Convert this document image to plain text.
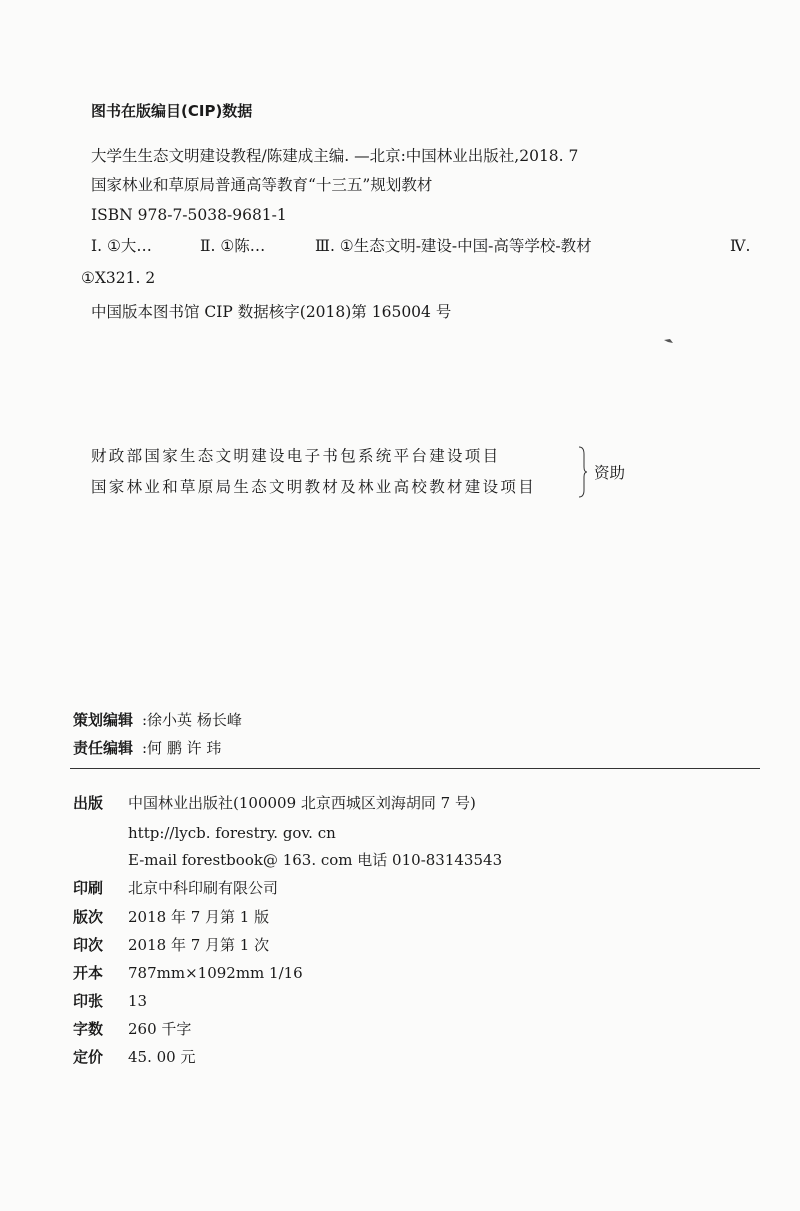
图书在版编目(CIP)数据
大学生生态文明建设教程/陈建成主编. —北京:中国林业出版社,2018. 7
国家林业和草原局普通高等教育“十三五”规划教材
ISBN 978-7-5038-9681-1
Ⅰ. ①大…	Ⅱ. ①陈…	Ⅲ. ①生态文明-建设-中国-高等学校-教材	Ⅳ.
①X321. 2
中国版本图书馆 CIP 数据核字(2018)第 165004 号
财政部国家生态文明建设电子书包系统平台建设项目
国家林业和草原局生态文明教材及林业高校教材建设项目
资助
策划编辑 :徐小英 杨长峰
责任编辑 :何 鹏 许 玮
出版 中国林业出版社(100009 北京西城区刘海胡同 7 号)
http://lycb. forestry. gov. cn
E-mail forestbook@ 163. com 电话 010-83143543
印刷 北京中科印刷有限公司
版次 2018 年 7 月第 1 版
印次 2018 年 7 月第 1 次
开本 787mm×1092mm 1/16
印张 13
字数 260 千字
定价 45. 00 元
